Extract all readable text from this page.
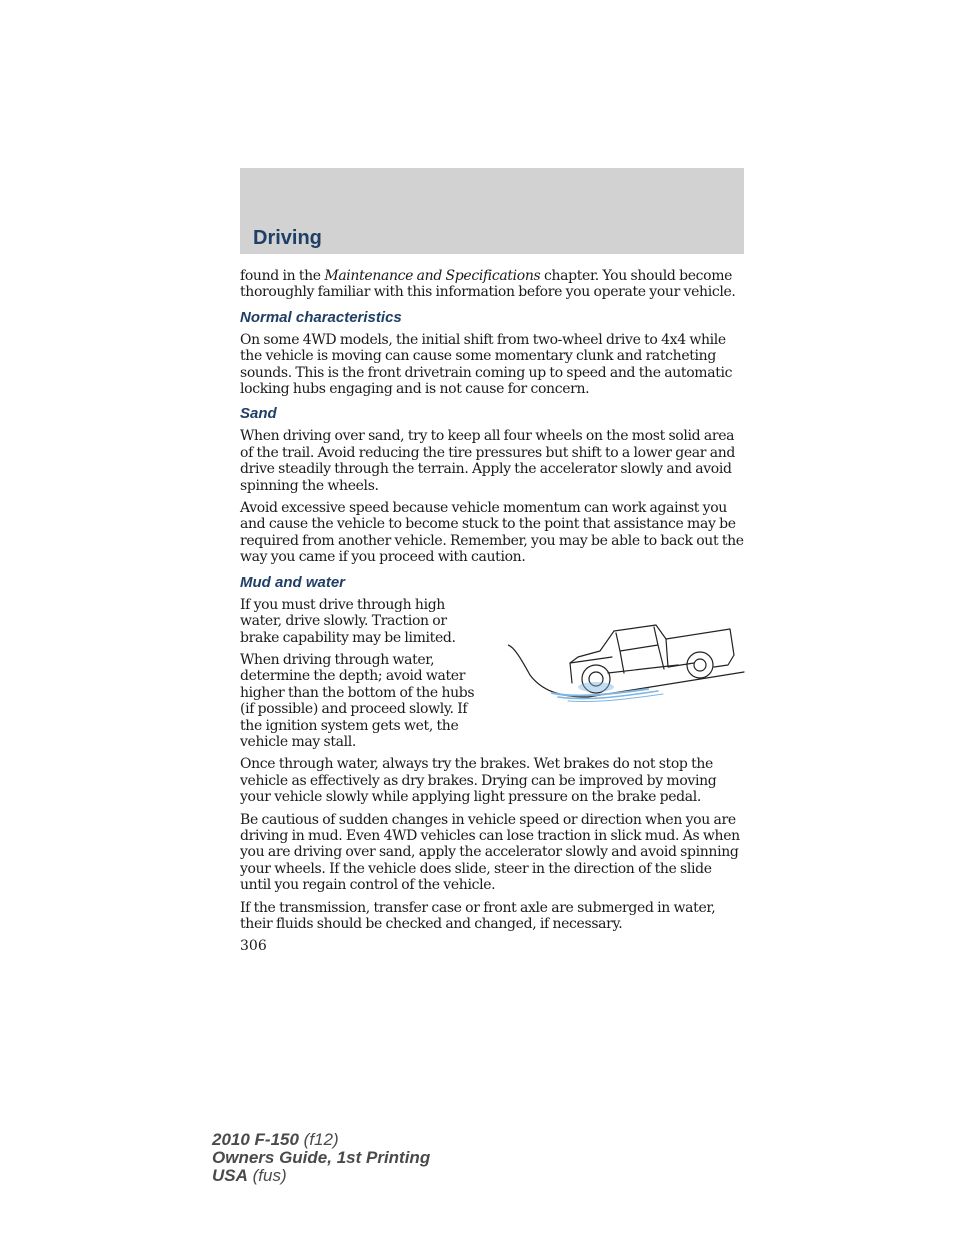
Driving

found in the Maintenance and Specifications chapter. You should become thoroughly familiar with this information before you operate your vehicle.

Normal characteristics

On some 4WD models, the initial shift from two-wheel drive to 4x4 while the vehicle is moving can cause some momentary clunk and ratcheting sounds. This is the front drivetrain coming up to speed and the automatic locking hubs engaging and is not cause for concern.

Sand

When driving over sand, try to keep all four wheels on the most solid area of the trail. Avoid reducing the tire pressures but shift to a lower gear and drive steadily through the terrain. Apply the accelerator slowly and avoid spinning the wheels.

Avoid excessive speed because vehicle momentum can work against you and cause the vehicle to become stuck to the point that assistance may be required from another vehicle. Remember, you may be able to back out the way you came if you proceed with caution.

Mud and water

If you must drive through high water, drive slowly. Traction or brake capability may be limited.

When driving through water, determine the depth; avoid water higher than the bottom of the hubs (if possible) and proceed slowly. If the ignition system gets wet, the vehicle may stall.

Once through water, always try the brakes. Wet brakes do not stop the vehicle as effectively as dry brakes. Drying can be improved by moving your vehicle slowly while applying light pressure on the brake pedal.

Be cautious of sudden changes in vehicle speed or direction when you are driving in mud. Even 4WD vehicles can lose traction in slick mud. As when you are driving over sand, apply the accelerator slowly and avoid spinning your wheels. If the vehicle does slide, steer in the direction of the slide until you regain control of the vehicle.

If the transmission, transfer case or front axle are submerged in water, their fluids should be checked and changed, if necessary.

306
2010 F-150 (f12)
Owners Guide, 1st Printing
USA (fus)
